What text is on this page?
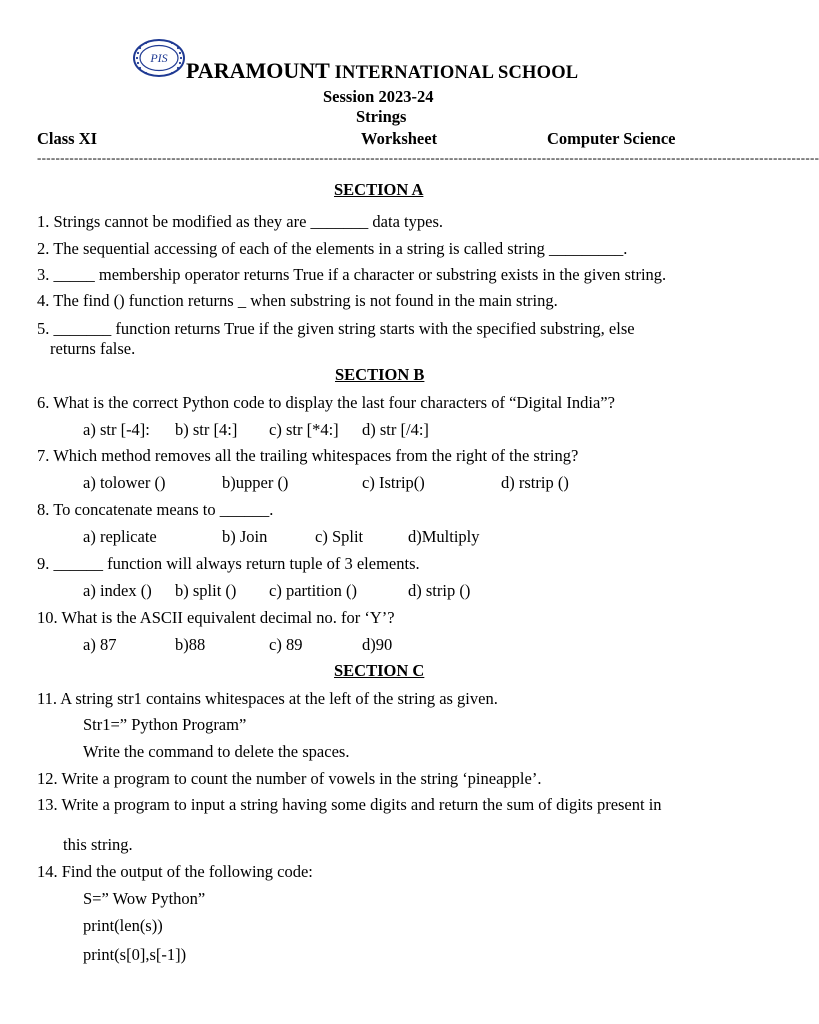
PIS PARAMOUNT INTERNATIONAL SCHOOL
Session 2023-24
Strings
Class XI	Worksheet	Computer Science
-------------------------------------------------------------------------------------------------------------------------------------------------------------------------
SECTION A
1. Strings cannot be modified as they are _______ data types.
2. The sequential accessing of each of the elements in a string is called string _________.
3. _____ membership operator returns True if a character or substring exists in the given string.
4. The find () function returns _ when substring is not found in the main string.
5. _______ function returns True if the given string starts with the specified substring, else
returns false.
SECTION B
6. What is the correct Python code to display the last four characters of “Digital India”?
a) str [-4]: b) str [4:] c) str [*4:] d) str [/4:]
7. Which method removes all the trailing whitespaces from the right of the string?
a) tolower ()	b)upper ()	c) Istrip()	d) rstrip ()
8. To concatenate means to ______.
a) replicate	b) Join	c) Split	d)Multiply
9. ______ function will always return tuple of 3 elements.
a) index () b) split () c) partition ()	d) strip ()
10. What is the ASCII equivalent decimal no. for ‘Y’?
a) 87	b)88	c) 89	d)90
SECTION C
11. A string str1 contains whitespaces at the left of the string as given.
Str1=” Python Program”
Write the command to delete the spaces.
12. Write a program to count the number of vowels in the string ‘pineapple’.
13. Write a program to input a string having some digits and return the sum of digits present in
this string.
14. Find the output of the following code:
S=” Wow Python”
print(len(s))
print(s[0],s[-1])
